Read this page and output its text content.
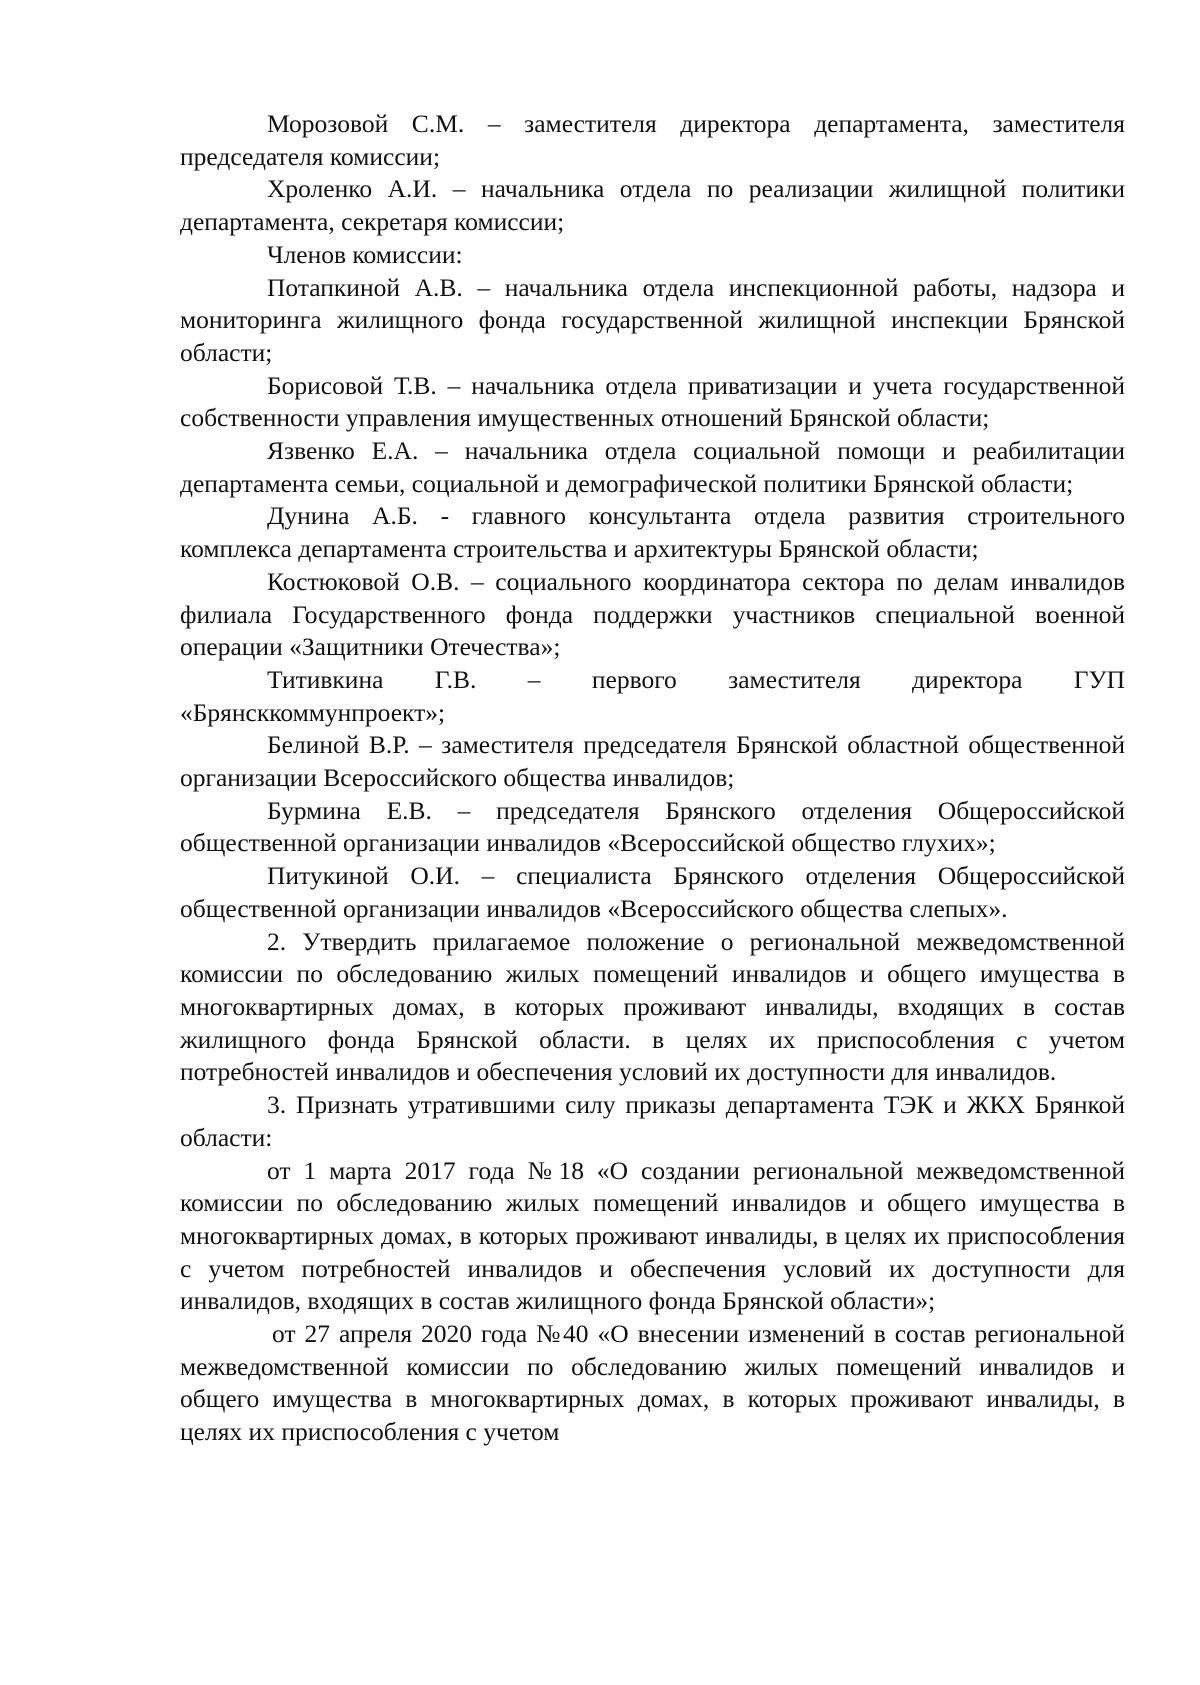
Морозовой С.М. – заместителя директора департамента, заместителя председателя комиссии;

Хроленко А.И. – начальника отдела по реализации жилищной политики департамента, секретаря комиссии;

Членов комиссии:

Потапкиной А.В. – начальника отдела инспекционной работы, надзора и мониторинга жилищного фонда государственной жилищной инспекции Брянской области;

Борисовой Т.В. – начальника отдела приватизации и учета государственной собственности управления имущественных отношений Брянской области;

Язвенко Е.А. – начальника отдела социальной помощи и реабилитации департамента семьи, социальной и демографической политики Брянской области;

Дунина А.Б. - главного консультанта отдела развития строительного комплекса департамента строительства и архитектуры Брянской области;

Костюковой О.В. – социального координатора сектора по делам инвалидов филиала Государственного фонда поддержки участников специальной военной операции «Защитники Отечества»;

Титивкина Г.В. – первого заместителя директора ГУП «Брянсккоммунпроект»;

Белиной В.Р. – заместителя председателя Брянской областной общественной организации Всероссийского общества инвалидов;

Бурмина Е.В. – председателя Брянского отделения Общероссийской общественной организации инвалидов «Всероссийской общество глухих»;

Питукиной О.И. – специалиста Брянского отделения Общероссийской общественной организации инвалидов «Всероссийского общества слепых».

2. Утвердить прилагаемое положение о региональной межведомственной комиссии по обследованию жилых помещений инвалидов и общего имущества в многоквартирных домах, в которых проживают инвалиды, входящих в состав жилищного фонда Брянской области. в целях их приспособления с учетом потребностей инвалидов и обеспечения условий их доступности для инвалидов.

3. Признать утратившими силу приказы департамента ТЭК и ЖКХ Брянкой области:

от 1 марта 2017 года №18 «О создании региональной межведомственной комиссии по обследованию жилых помещений инвалидов и общего имущества в многоквартирных домах, в которых проживают инвалиды, в целях их приспособления с учетом потребностей инвалидов и обеспечения условий их доступности для инвалидов, входящих в состав жилищного фонда Брянской области»;

от 27 апреля 2020 года №40 «О внесении изменений в состав региональной межведомственной комиссии по обследованию жилых помещений инвалидов и общего имущества в многоквартирных домах, в которых проживают инвалиды, в целях их приспособления с учетом
